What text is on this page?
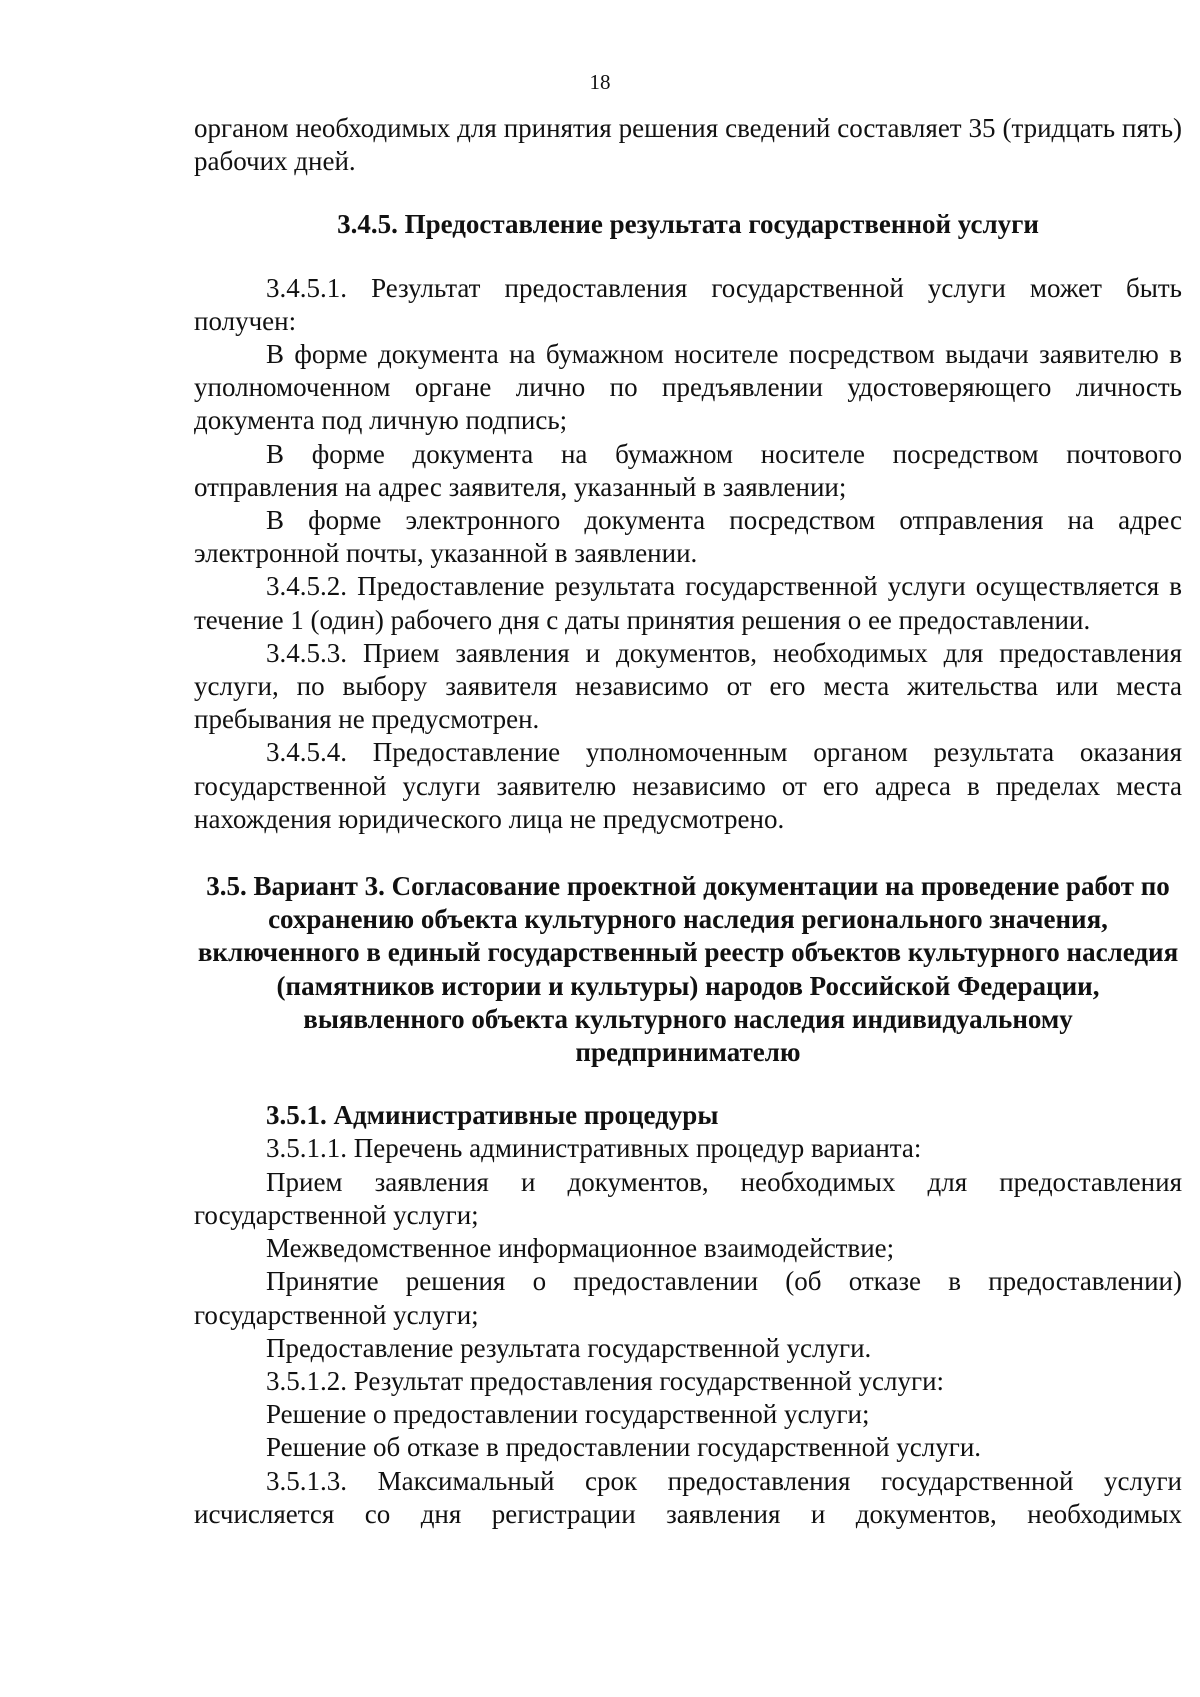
18

органом необходимых для принятия решения сведений составляет 35 (тридцать пять) рабочих дней.

3.4.5. Предоставление результата государственной услуги

3.4.5.1. Результат предоставления государственной услуги может быть получен:

В форме документа на бумажном носителе посредством выдачи заявителю в уполномоченном органе лично по предъявлении удостоверяющего личность документа под личную подпись;

В форме документа на бумажном носителе посредством почтового отправления на адрес заявителя, указанный в заявлении;

В форме электронного документа посредством отправления на адрес электронной почты, указанной в заявлении.

3.4.5.2. Предоставление результата государственной услуги осуществляется в течение 1 (один) рабочего дня с даты принятия решения о ее предоставлении.

3.4.5.3. Прием заявления и документов, необходимых для предоставления услуги, по выбору заявителя независимо от его места жительства или места пребывания не предусмотрен.

3.4.5.4. Предоставление уполномоченным органом результата оказания государственной услуги заявителю независимо от его адреса в пределах места нахождения юридического лица не предусмотрено.

3.5. Вариант 3. Согласование проектной документации на проведение работ по сохранению объекта культурного наследия регионального значения, включенного в единый государственный реестр объектов культурного наследия (памятников истории и культуры) народов Российской Федерации, выявленного объекта культурного наследия индивидуальному предпринимателю

3.5.1. Административные процедуры

3.5.1.1. Перечень административных процедур варианта:

Прием заявления и документов, необходимых для предоставления государственной услуги;

Межведомственное информационное взаимодействие;

Принятие решения о предоставлении (об отказе в предоставлении) государственной услуги;

Предоставление результата государственной услуги.

3.5.1.2. Результат предоставления государственной услуги:

Решение о предоставлении государственной услуги;

Решение об отказе в предоставлении государственной услуги.

3.5.1.3. Максимальный срок предоставления государственной услуги исчисляется со дня регистрации заявления и документов, необходимых
